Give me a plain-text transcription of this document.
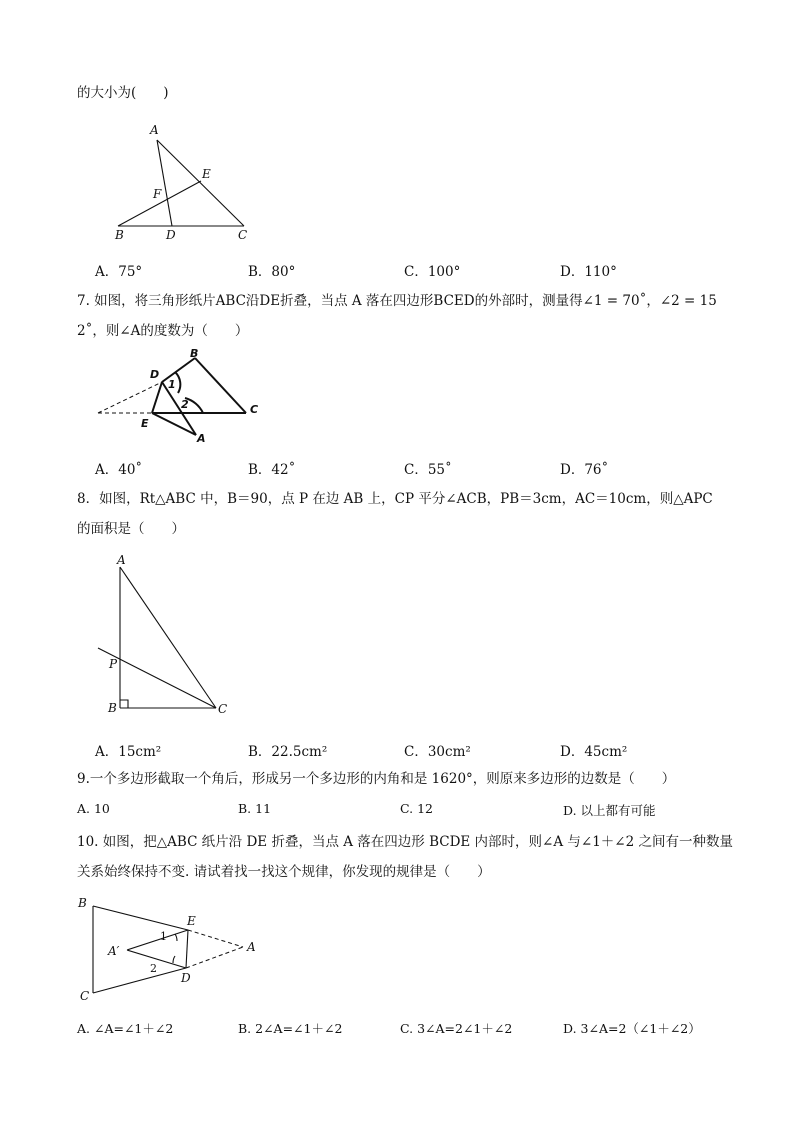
的大小为(　　)
A
E
F
B	D	C
A．75°	B．80°	C．100°	D．110°
7. 如图，将三角形纸片ABC沿DE折叠，当点 A 落在四边形BCED的外部时，测量得∠1 = 70˚，∠2 = 15
2˚，则∠A的度数为（　　）
B
D
1
2	C
E
A
A．40˚	B．42˚	C．55˚	D．76˚
8．如图，Rt△ABC 中，B＝90，点 P 在边 AB 上，CP 平分∠ACB，PB＝3cm，AC＝10cm，则△APC
的面积是（　　）
A
P
B	C
A．15cm²	B．22.5cm²	C．30cm²	D．45cm²
9.一个多边形截取一个角后，形成另一个多边形的内角和是 1620°，则原来多边形的边数是（　　）
A. 10	B. 11	C. 12	D. 以上都有可能
10. 如图，把△ABC 纸片沿 DE 折叠，当点 A 落在四边形 BCDE 内部时，则∠A 与∠1＋∠2 之间有一种数量
关系始终保持不变. 请试着找一找这个规律，你发现的规律是（　　）
B
E
1
A′	A
2
D
C
A. ∠A=∠1＋∠2	B. 2∠A=∠1＋∠2	C. 3∠A=2∠1＋∠2	D. 3∠A=2（∠1＋∠2）
